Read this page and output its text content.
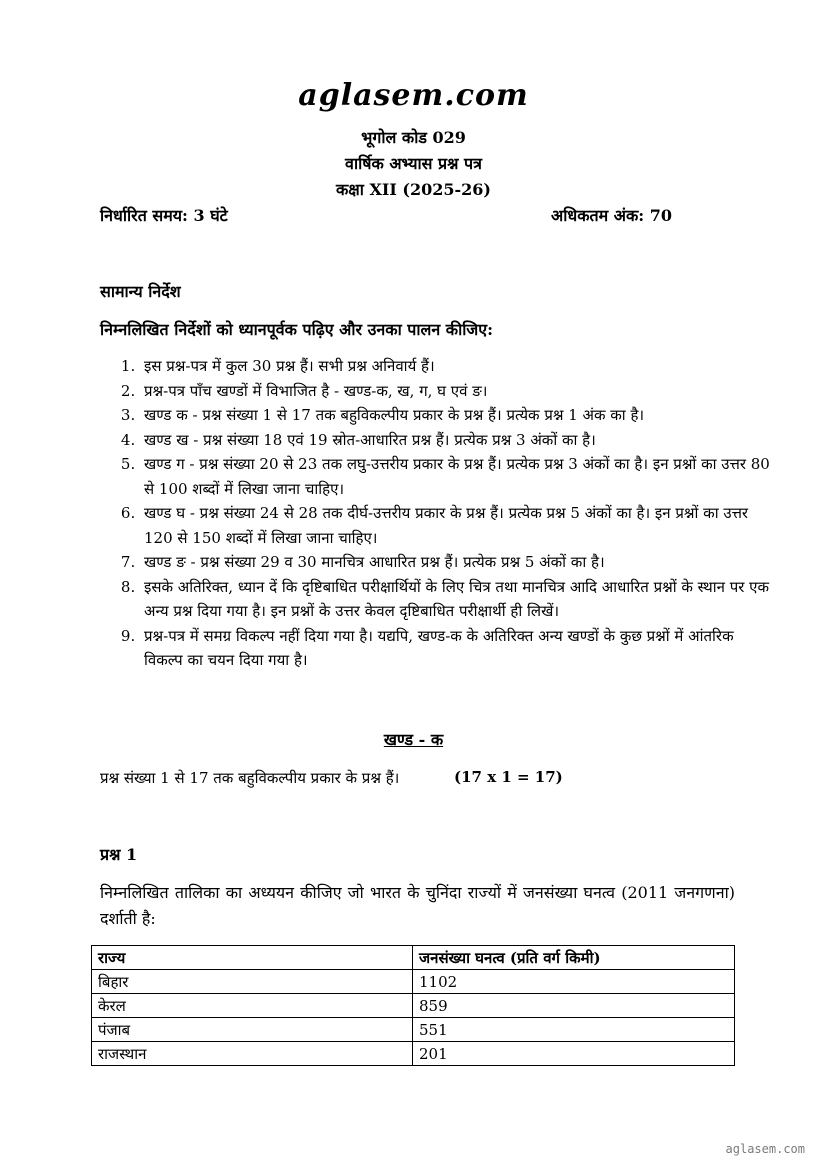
aglasem.com
भूगोल कोड 029
वार्षिक अभ्यास प्रश्न पत्र
कक्षा XII (2025-26)
निर्धारित समय: 3 घंटे	अधिकतम अंक: 70
सामान्य निर्देश
निम्नलिखित निर्देशों को ध्यानपूर्वक पढ़िए और उनका पालन कीजिए:
1. इस प्रश्न-पत्र में कुल 30 प्रश्न हैं। सभी प्रश्न अनिवार्य हैं।
2. प्रश्न-पत्र पाँच खण्डों में विभाजित है - खण्ड-क, ख, ग, घ एवं ङ।
3. खण्ड क - प्रश्न संख्या 1 से 17 तक बहुविकल्पीय प्रकार के प्रश्न हैं। प्रत्येक प्रश्न 1 अंक का है।
4. खण्ड ख - प्रश्न संख्या 18 एवं 19 स्रोत-आधारित प्रश्न हैं। प्रत्येक प्रश्न 3 अंकों का है।
5. खण्ड ग - प्रश्न संख्या 20 से 23 तक लघु-उत्तरीय प्रकार के प्रश्न हैं। प्रत्येक प्रश्न 3 अंकों का है। इन प्रश्नों का उत्तर 80 से 100 शब्दों में लिखा जाना चाहिए।
6. खण्ड घ - प्रश्न संख्या 24 से 28 तक दीर्घ-उत्तरीय प्रकार के प्रश्न हैं। प्रत्येक प्रश्न 5 अंकों का है। इन प्रश्नों का उत्तर 120 से 150 शब्दों में लिखा जाना चाहिए।
7. खण्ड ङ - प्रश्न संख्या 29 व 30 मानचित्र आधारित प्रश्न हैं। प्रत्येक प्रश्न 5 अंकों का है।
8. इसके अतिरिक्त, ध्यान दें कि दृष्टिबाधित परीक्षार्थियों के लिए चित्र तथा मानचित्र आदि आधारित प्रश्नों के स्थान पर एक अन्य प्रश्न दिया गया है। इन प्रश्नों के उत्तर केवल दृष्टिबाधित परीक्षार्थी ही लिखें।
9. प्रश्न-पत्र में समग्र विकल्प नहीं दिया गया है। यद्यपि, खण्ड-क के अतिरिक्त अन्य खण्डों के कुछ प्रश्नों में आंतरिक विकल्प का चयन दिया गया है।
खण्ड - क
प्रश्न संख्या 1 से 17 तक बहुविकल्पीय प्रकार के प्रश्न हैं।	(17 x 1 = 17)
प्रश्न 1

निम्नलिखित तालिका का अध्ययन कीजिए जो भारत के चुनिंदा राज्यों में जनसंख्या घनत्व (2011 जनगणना) दर्शाती है:

राज्य	जनसंख्या घनत्व (प्रति वर्ग किमी)
बिहार	1102
केरल	859
पंजाब	551
राजस्थान	201
aglasem.com
